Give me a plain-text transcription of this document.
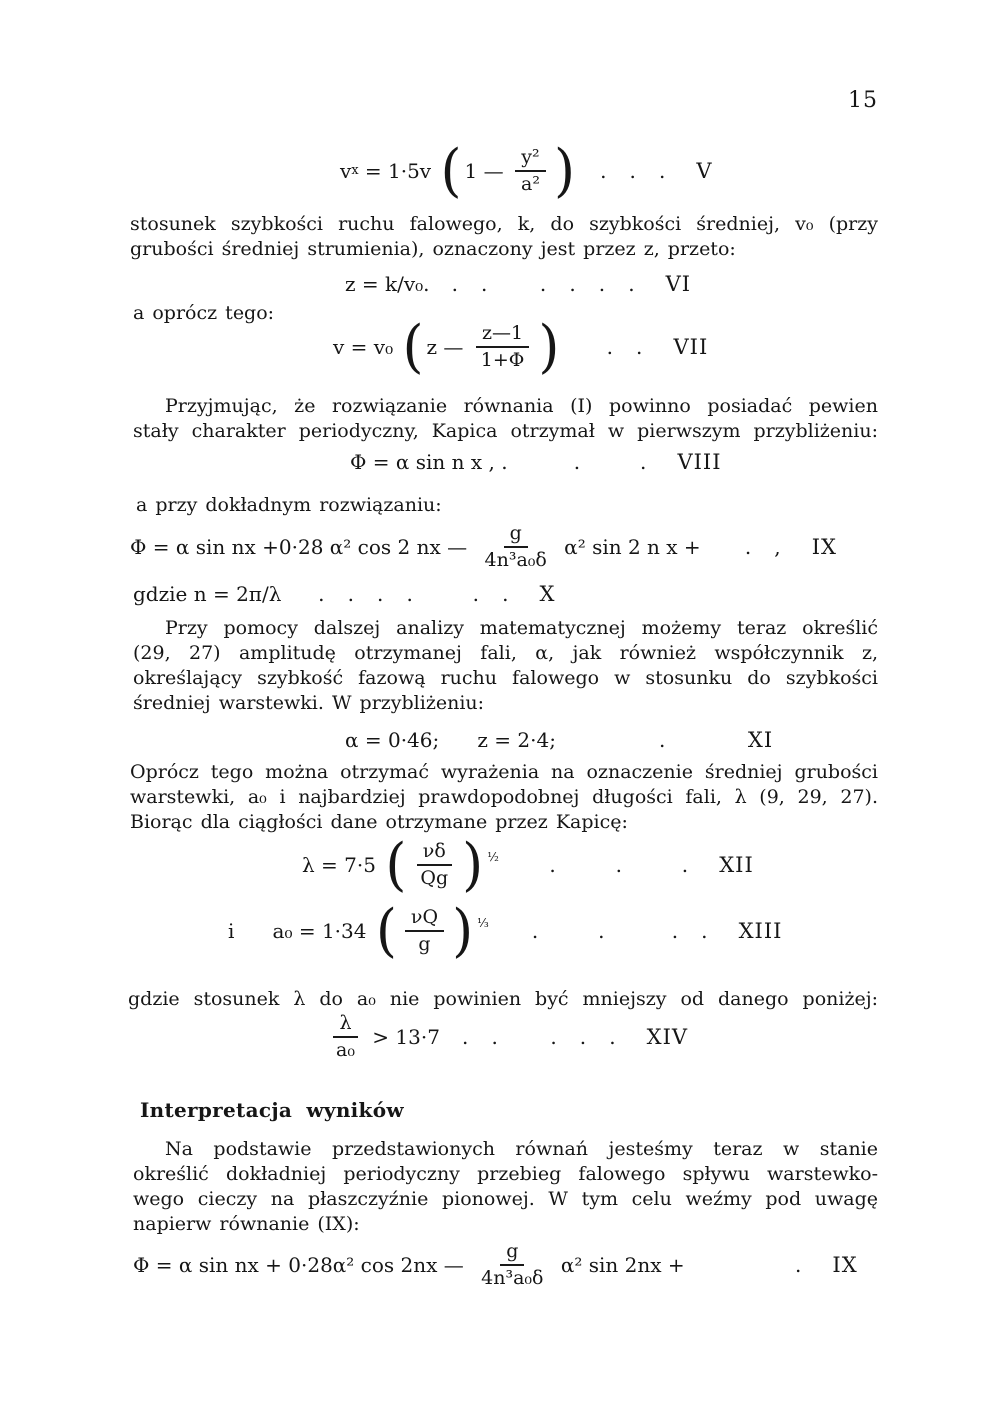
15
v x = 1·5v ( 1 — $\frac{\text{y²}}{\text{a²}}$ ) .   .   . V
stosunek szybkości ruchu falowego, k, do szybkości średniej, v₀ (przy
grubości średniej strumienia), oznaczony jest przez z, przeto:
z = k/v₀. .   .       .   .   .   . VI
a oprócz tego:
v = v₀ ( z — $\frac{z—1}{1+\Phi}$ ) .   . VII
Przyjmując, że rozwiązanie równania (I) powinno posiadać pewien
stały charakter periodyczny, Kapica otrzymał w pierwszym przybliżeniu:
Φ = α sin n x , . .        . VIII
a przy dokładnym rozwiązaniu:
Φ = α sin nx +0·28 α² cos 2 nx — $\frac{g}{\text{4n³a₀δ}} \alpha^2$ sin 2 n x + .   , IX
gdzie n = 2π/λ .   .   .   .        .   . X
Przy pomocy dalszej analizy matematycznej możemy teraz określić
(29, 27) amplitudę otrzymanej fali, α, jak również współczynnik z,
określający szybkość fazową ruchu falowego w stosunku do szybkości
średniej warstewki. W przybliżeniu:
α = 0·46;      z = 2·4; . XI
Oprócz tego można otrzymać wyrażenia na oznaczenie średniej grubości
warstewki, a₀ i najbardziej prawdopodobnej długości fali, λ (9, 29, 27).
Biorąc dla ciągłości dane otrzymane przez Kapicę:
λ = 7·5 ( $\frac{\nu\delta}{Qg}$ ) $^{\frac{1}{2}}$ .        .        . XII
i      a₀ = 1·34 ( $\frac{\nu Q}{g}$ ) $^{\frac{1}{3}}$ .        .         .   . XIII
gdzie stosunek λ do a₀ nie powinien być mniejszy od danego poniżej:
$\frac{\lambda}{\text{a₀}} > 13\cdot 7$ .   .       .   .   . XIV
Interpretacja wyników
Na podstawie przedstawionych równań jesteśmy teraz w stanie
określić dokładniej periodyczny przebieg falowego spływu warstewko-
wego cieczy na płaszczyźnie pionowej. W tym celu weźmy pod uwagę
napierw równanie (IX):
Φ = α sin nx + 0·28α² cos 2nx — $\frac{g}{\text{4n³a₀δ}} \alpha^2$ sin 2nx + . IX
